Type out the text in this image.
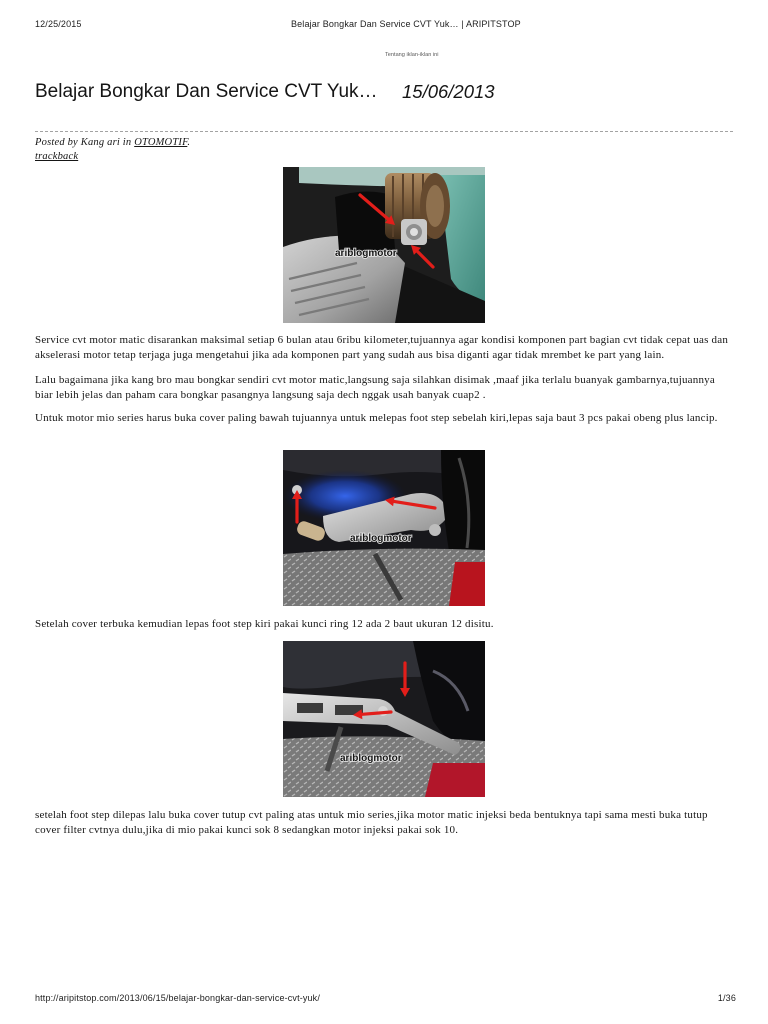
12/25/2015	Belajar Bongkar Dan Service CVT Yuk… | ARIPITSTOP
Tentang iklan-iklan ini
Belajar Bongkar Dan Service CVT Yuk… 15/06/2013
Posted by Kang ari in OTOMOTIF.
trackback
ariblogmotor

Service cvt motor matic disarankan maksimal setiap 6 bulan atau 6ribu kilometer,tujuannya agar kondisi komponen part bagian cvt tidak cepat uas dan akselerasi motor tetap terjaga juga mengetahui jika ada komponen part yang sudah aus bisa diganti agar tidak mrembet ke part yang lain.

Lalu bagaimana jika kang bro mau bongkar sendiri cvt motor matic,langsung saja silahkan disimak ,maaf jika terlalu buanyak gambarnya,tujuannya biar lebih jelas dan paham cara bongkar pasangnya langsung saja dech nggak usah banyak cuap2 .

Untuk motor mio series harus buka cover paling bawah tujuannya untuk melepas foot step sebelah kiri,lepas saja baut 3 pcs pakai obeng plus lancip.

ariblogmotor

Setelah cover terbuka kemudian lepas foot step kiri pakai kunci ring 12 ada 2 baut ukuran 12 disitu.

ariblogmotor

setelah foot step dilepas lalu buka cover tutup cvt paling atas untuk mio series,jika motor matic injeksi beda bentuknya tapi sama mesti buka tutup cover filter cvtnya dulu,jika di mio pakai kunci sok 8 sedangkan motor injeksi pakai sok 10.

http://aripitstop.com/2013/06/15/belajar-bongkar-dan-service-cvt-yuk/	1/36
